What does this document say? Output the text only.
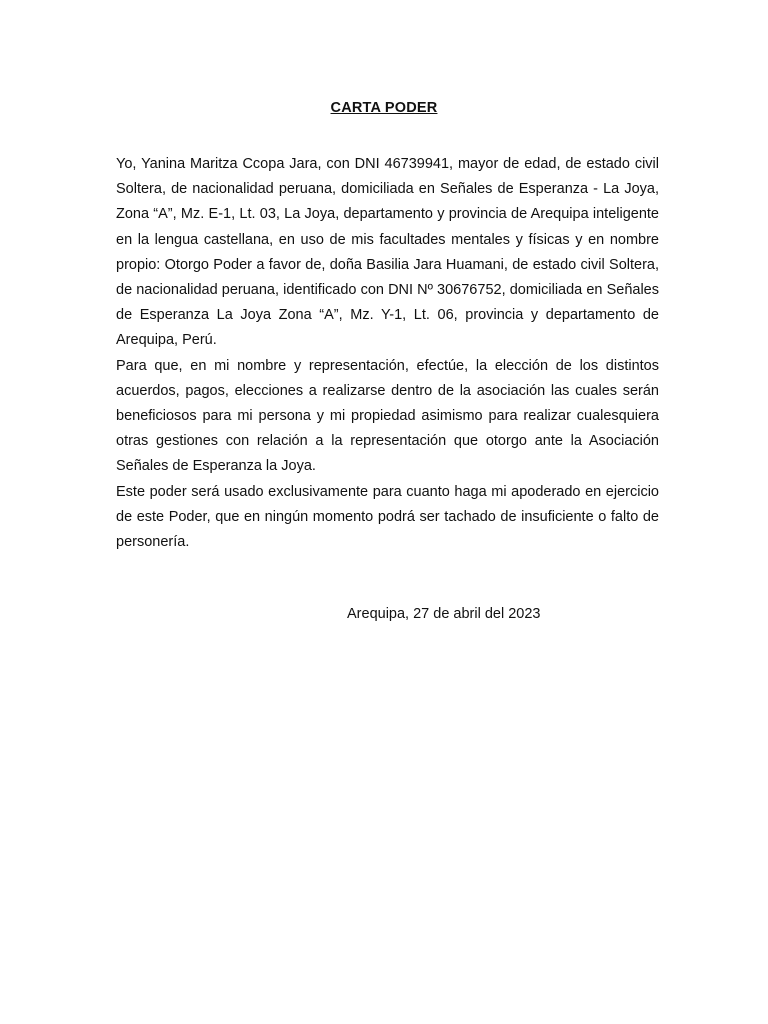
CARTA PODER

Yo, Yanina Maritza Ccopa Jara, con DNI 46739941, mayor de edad, de estado civil Soltera, de nacionalidad peruana, domiciliada en Señales de Esperanza - La Joya, Zona “A”, Mz. E-1, Lt. 03, La Joya, departamento y provincia de Arequipa inteligente en la lengua castellana, en uso de mis facultades mentales y físicas y en nombre propio: Otorgo Poder a favor de, doña Basilia Jara Huamani, de estado civil Soltera, de nacionalidad peruana, identificado con DNI Nº 30676752, domiciliada en Señales de Esperanza La Joya Zona “A”, Mz. Y-1, Lt. 06, provincia y departamento de Arequipa, Perú.

Para que, en mi nombre y representación, efectúe, la elección de los distintos acuerdos, pagos, elecciones a realizarse dentro de la asociación las cuales serán beneficiosos para mi persona y mi propiedad asimismo para realizar cualesquiera otras gestiones con relación a la representación que otorgo ante la Asociación Señales de Esperanza la Joya.

Este poder será usado exclusivamente para cuanto haga mi apoderado en ejercicio de este Poder, que en ningún momento podrá ser tachado de insuficiente o falto de personería.

Arequipa, 27 de abril del 2023
